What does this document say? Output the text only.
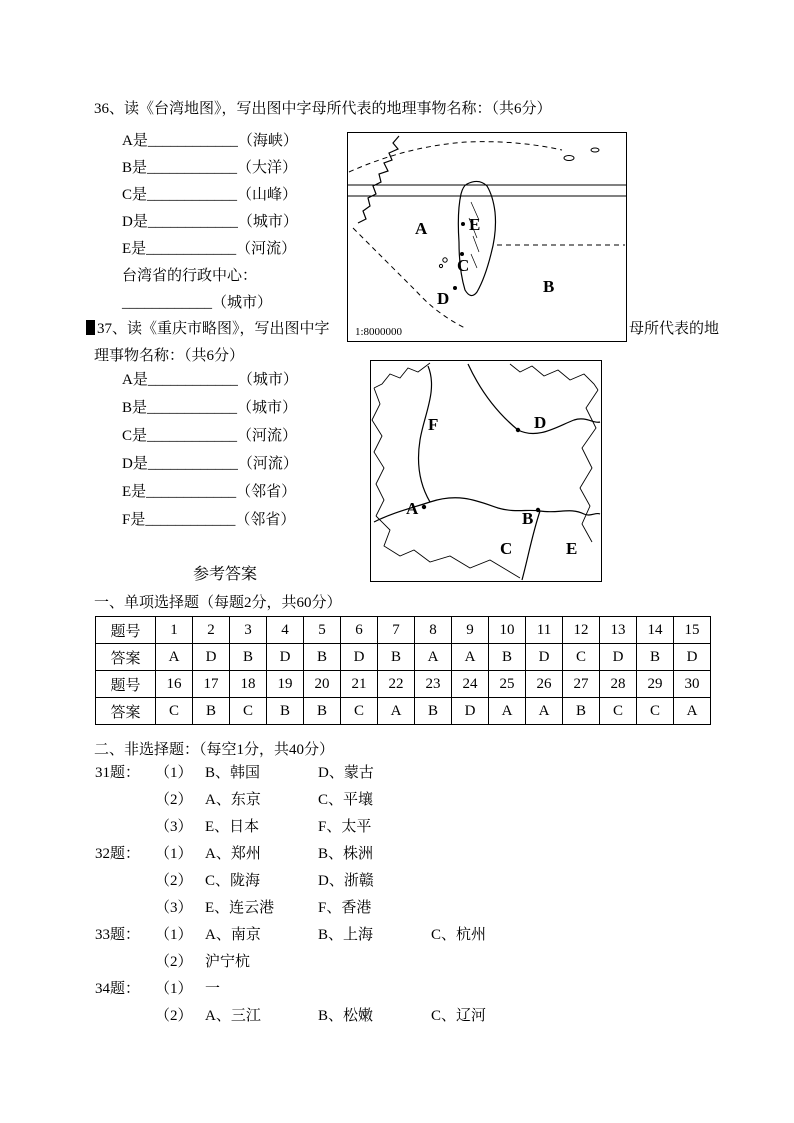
36、读《台湾地图》，写出图中字母所代表的地理事物名称：（共6分）
A是____________（海峡）
B是____________（大洋）
C是____________（山峰）
D是____________（城市）
E是____________（河流）
台湾省的行政中心：
____________（城市）
A E
C
D
B
1:8000000
37、读《重庆市略图》，写出图中字	母所代表的地
理事物名称：（共6分）
A是____________（城市）
B是____________（城市）
C是____________（河流）
D是____________（河流）
E是____________（邻省）
F是____________（邻省）
F	D
A
B
C	E
参考答案
一、单项选择题（每题2分，共60分）
题号	1	2	3	4	5	6	7	8	9	10	11	12	13	14	15
答案	A	D	B	D	B	D	B	A	A	B	D	C	D	B	D
题号	16	17	18	19	20	21	22	23	24	25	26	27	28	29	30
答案	C	B	C	B	B	C	A	B	D	A	A	B	C	C	A
二、非选择题：（每空1分，共40分）
31题： （1） B、韩国	D、蒙古
（2） A、东京	C、平壤
（3） E、日本	F、太平
32题： （1） A、郑州	B、株洲
（2） C、陇海	D、浙赣
（3） E、连云港	F、香港
33题： （1） A、南京	B、上海	C、杭州
（2） 沪宁杭
34题： （1） 一
（2） A、三江	B、松嫩	C、辽河
